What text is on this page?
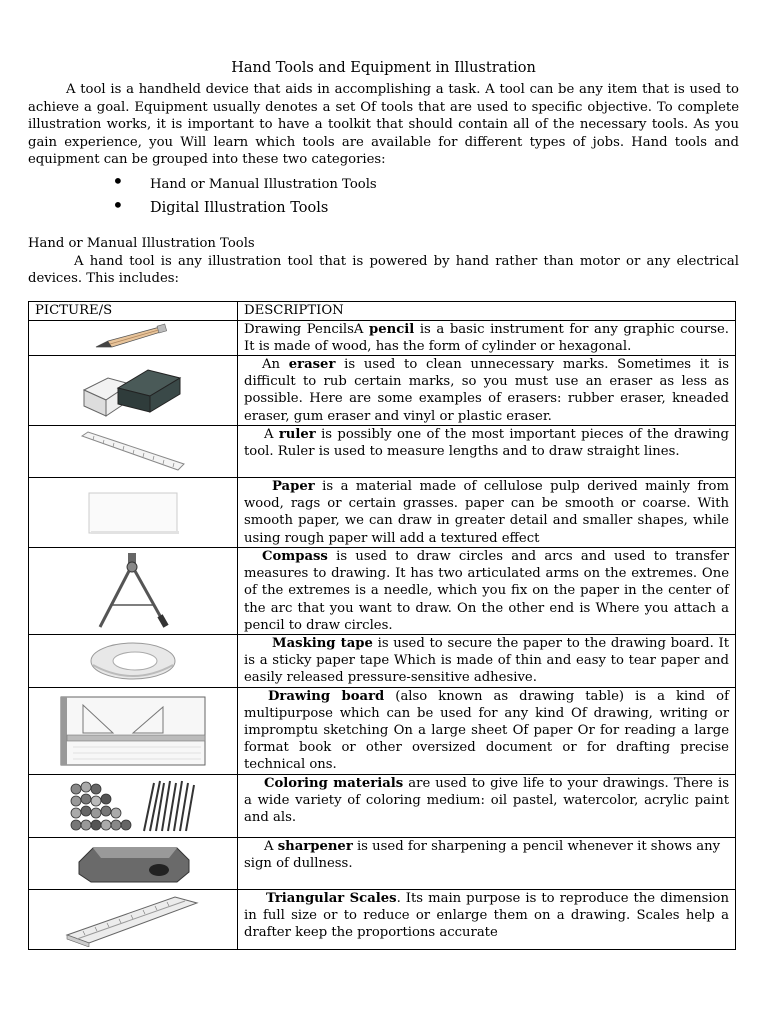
Hand Tools and Equipment in Illustration

A tool is a handheld device that aids in accomplishing a task. A tool can be any item that is used to achieve a goal. Equipment usually denotes a set Of tools that are used to specific objective. To complete illustration works, it is important to have a toolkit that should contain all of the necessary tools. As you gain experience, you Will learn which tools are available for different types of jobs. Hand tools and equipment can be grouped into these two categories:

• Hand or Manual Illustration Tools
• Digital Illustration Tools
Hand or Manual Illustration Tools

A hand tool is any illustration tool that is powered by hand rather than motor or any electrical devices. This includes:

PICTURE/S	DESCRIPTION

	Drawing PencilsA pencil is a basic instrument for any graphic course. It is made of wood, has the form of cylinder or hexagonal.

	An eraser is used to clean unnecessary marks. Sometimes it is difficult to rub certain marks, so you must use an eraser as less as possible. Here are some examples of erasers: rubber eraser, kneaded eraser, gum eraser and vinyl or plastic eraser.

	A ruler is possibly one of the most important pieces of the drawing tool. Ruler is used to measure lengths and to draw straight lines.

	Paper is a material made of cellulose pulp derived mainly from wood, rags or certain grasses. paper can be smooth or coarse. With smooth paper, we can draw in greater detail and smaller shapes, while using rough paper will add a textured effect

	Compass is used to draw circles and arcs and used to transfer measures to drawing. It has two articulated arms on the extremes. One of the extremes is a needle, which you fix on the paper in the center of the arc that you want to draw. On the other end is Where you attach a pencil to draw circles.

	Masking tape is used to secure the paper to the drawing board. It is a sticky paper tape Which is made of thin and easy to tear paper and easily released pressure-sensitive adhesive.

	Drawing board (also known as drawing table) is a kind of multipurpose which can be used for any kind Of drawing, writing or impromptu sketching On a large sheet Of paper Or for reading a large format book or other oversized document or for drafting precise technical ons.

	Coloring materials are used to give life to your drawings. There is a wide variety of coloring medium: oil pastel, watercolor, acrylic paint and als.

	A sharpener is used for sharpening a pencil whenever it shows any sign of dullness.

	Triangular Scales. Its main purpose is to reproduce the dimension in full size or to reduce or enlarge them on a drawing. Scales help a drafter keep the proportions accurate
